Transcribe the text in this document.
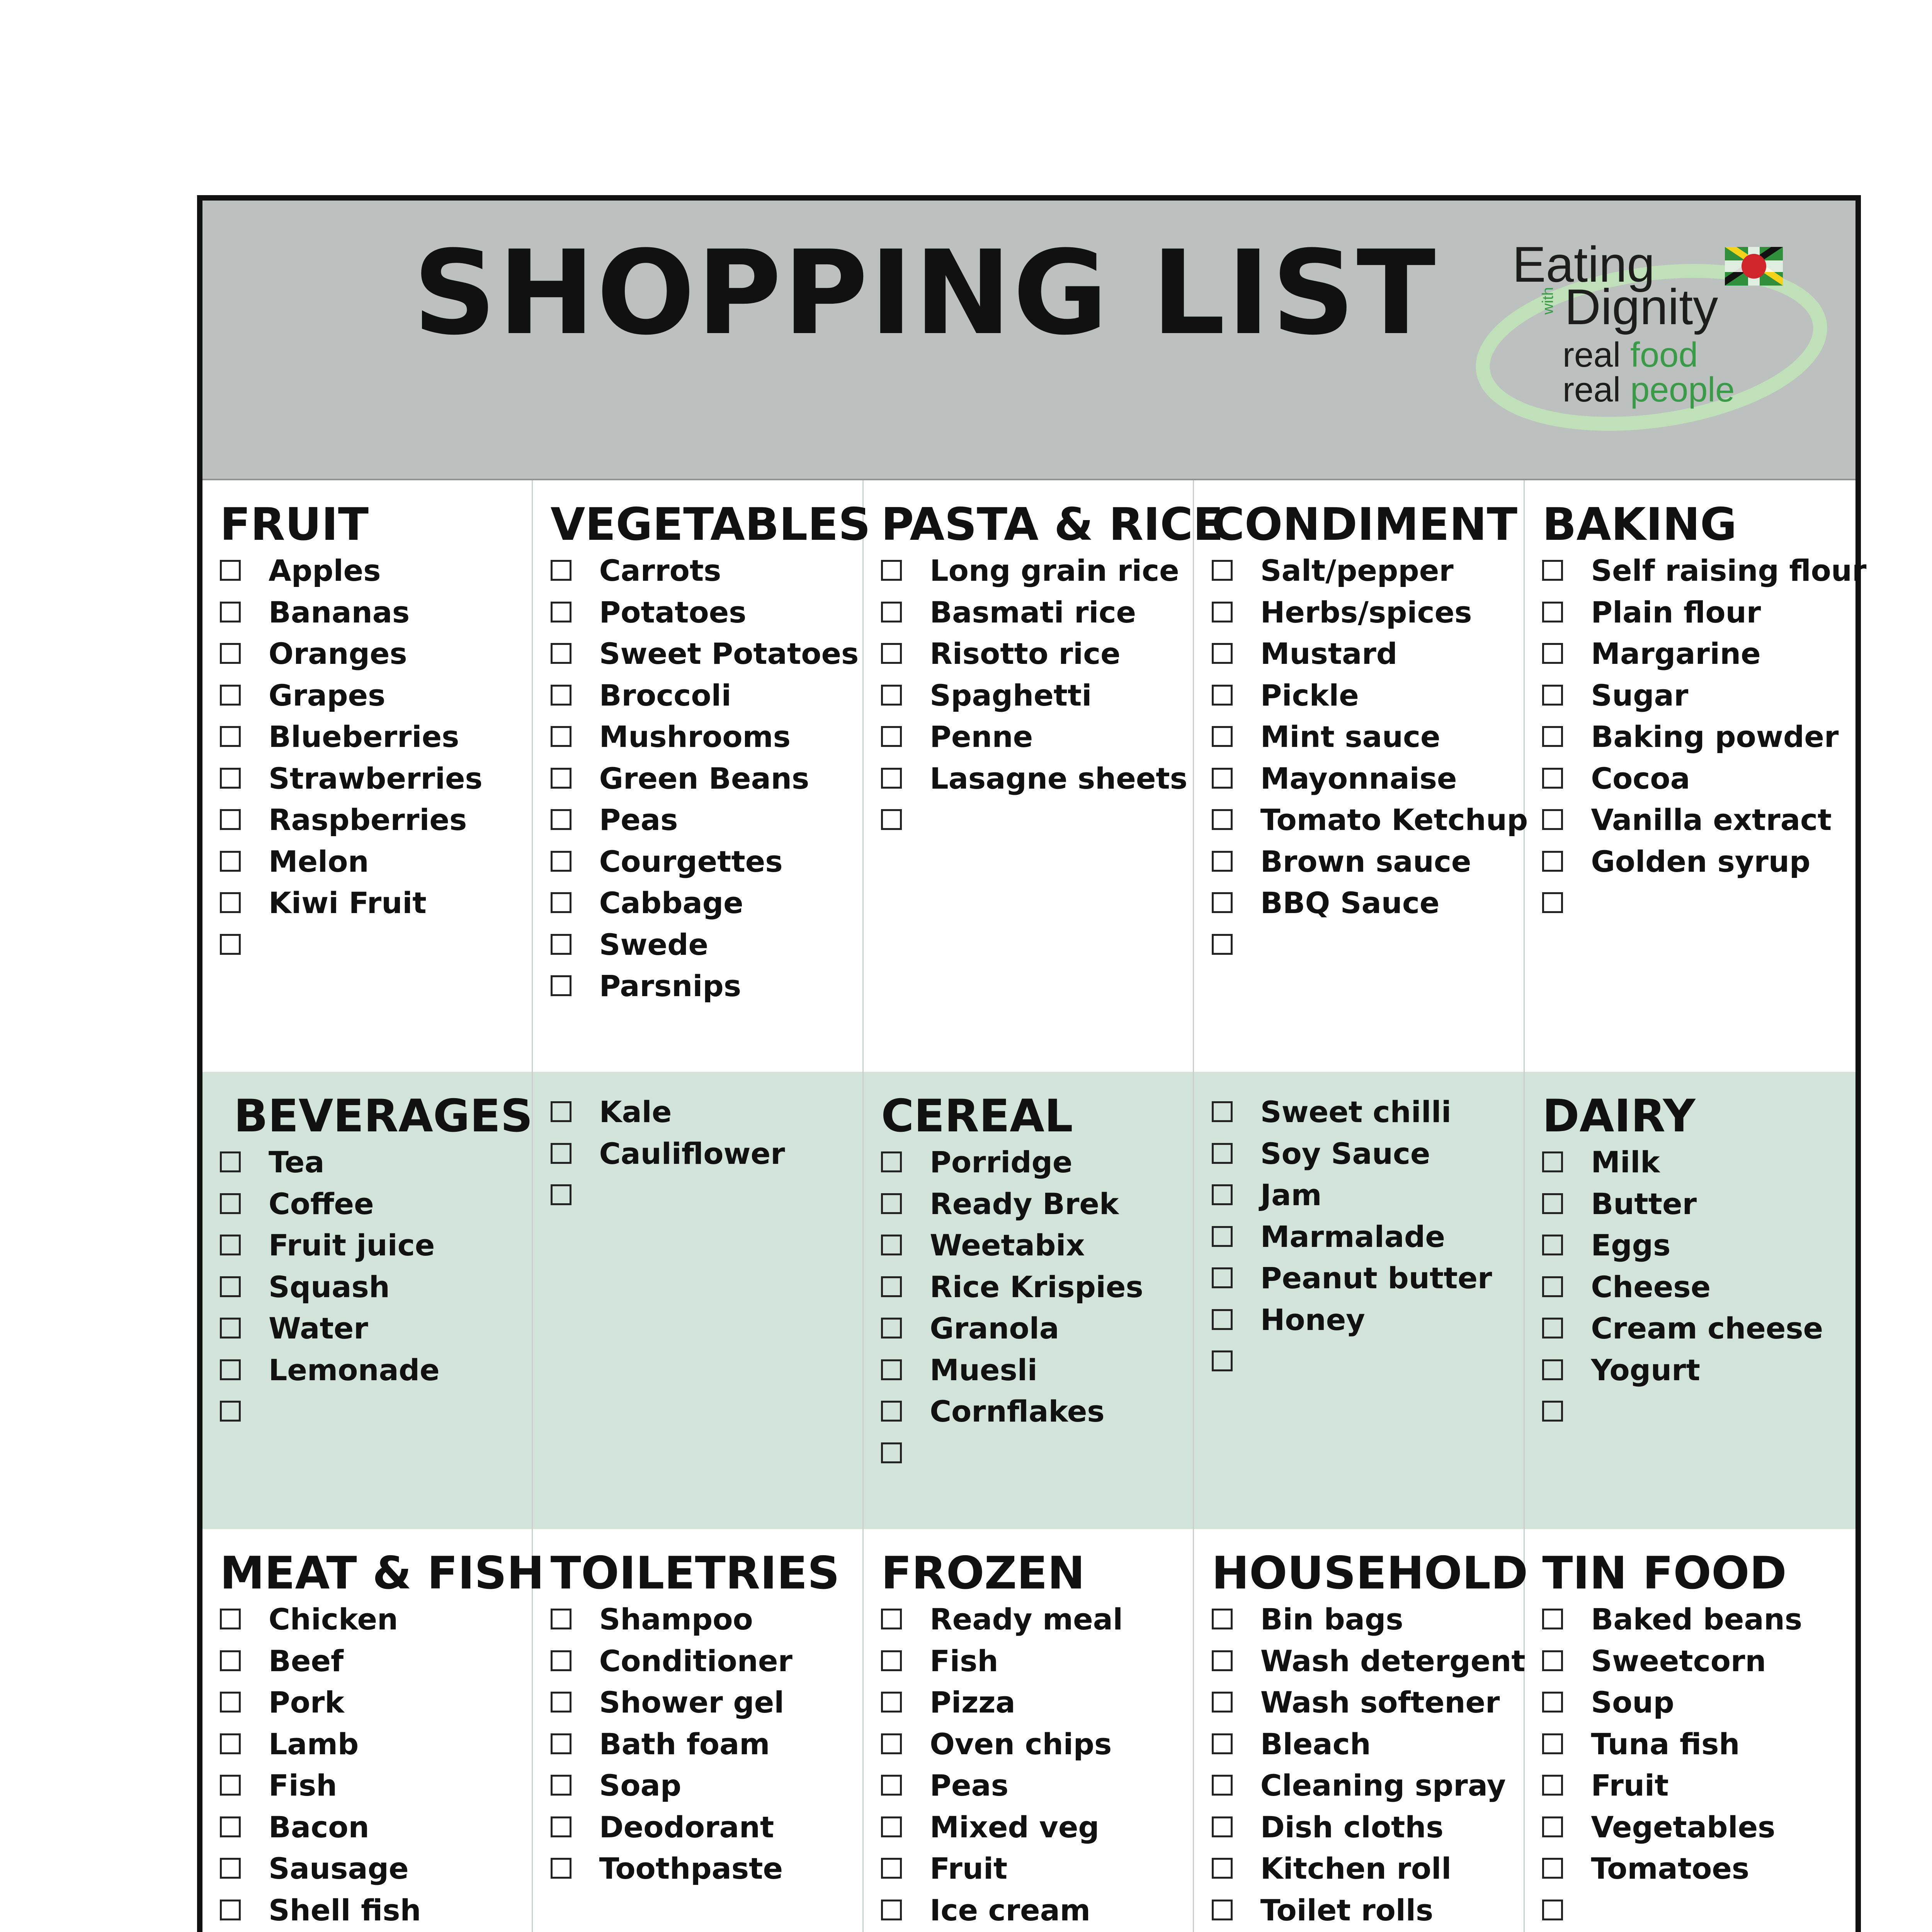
SHOPPING LIST	Eating
with Dignity
real food
real people
FRUIT
Apples
Bananas
Oranges
Grapes
Blueberries
Strawberries
Raspberries
Melon
Kiwi Fruit
VEGETABLES
Carrots
Potatoes
Sweet Potatoes
Broccoli
Mushrooms
Green Beans
Peas
Courgettes
Cabbage
Swede
Parsnips
PASTA & RICE
Long grain rice
Basmati rice
Risotto rice
Spaghetti
Penne
Lasagne sheets
CONDIMENT
Salt/pepper
Herbs/spices
Mustard
Pickle
Mint sauce
Mayonnaise
Tomato Ketchup
Brown sauce
BBQ Sauce
BAKING
Self raising flour
Plain flour
Margarine
Sugar
Baking powder
Cocoa
Vanilla extract
Golden syrup
BEVERAGES
Tea
Coffee
Fruit juice
Squash
Water
Lemonade
Kale
Cauliflower
CEREAL
Porridge
Ready Brek
Weetabix
Rice Krispies
Granola
Muesli
Cornflakes
Sweet chilli
Soy Sauce
Jam
Marmalade
Peanut butter
Honey
DAIRY
Milk
Butter
Eggs
Cheese
Cream cheese
Yogurt
MEAT & FISH
Chicken
Beef
Pork
Lamb
Fish
Bacon
Sausage
Shell fish
TOILETRIES
Shampoo
Conditioner
Shower gel
Bath foam
Soap
Deodorant
Toothpaste
FROZEN
Ready meal
Fish
Pizza
Oven chips
Peas
Mixed veg
Fruit
Ice cream
HOUSEHOLD
Bin bags
Wash detergent
Wash softener
Bleach
Cleaning spray
Dish cloths
Kitchen roll
Toilet rolls
TIN FOOD
Baked beans
Sweetcorn
Soup
Tuna fish
Fruit
Vegetables
Tomatoes
